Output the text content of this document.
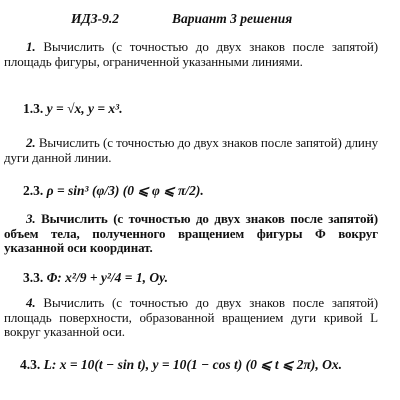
ИДЗ-9.2	Вариант 3 решения
1. Вычислить (с точностью до двух знаков после запятой) площадь фигуры, ограниченной указанными линиями.
1.3. y = √x, y = x³.
2. Вычислить (с точностью до двух знаков после запятой) длину дуги данной линии.
2.3. ρ = sin³ (φ/3) (0 ⩽ φ ⩽ π/2).
3. Вычислить (с точностью до двух знаков после запятой) объем тела, полученного вращением фигуры Φ вокруг указанной оси координат.
3.3. Φ: x²/9 + y²/4 = 1, Oy.
4. Вычислить (с точностью до двух знаков после запятой) площадь поверхности, образованной вращением дуги кривой L вокруг указанной оси.
4.3. L: x = 10(t − sin t), y = 10(1 − cos t) (0 ⩽ t ⩽ 2π), Ox.
